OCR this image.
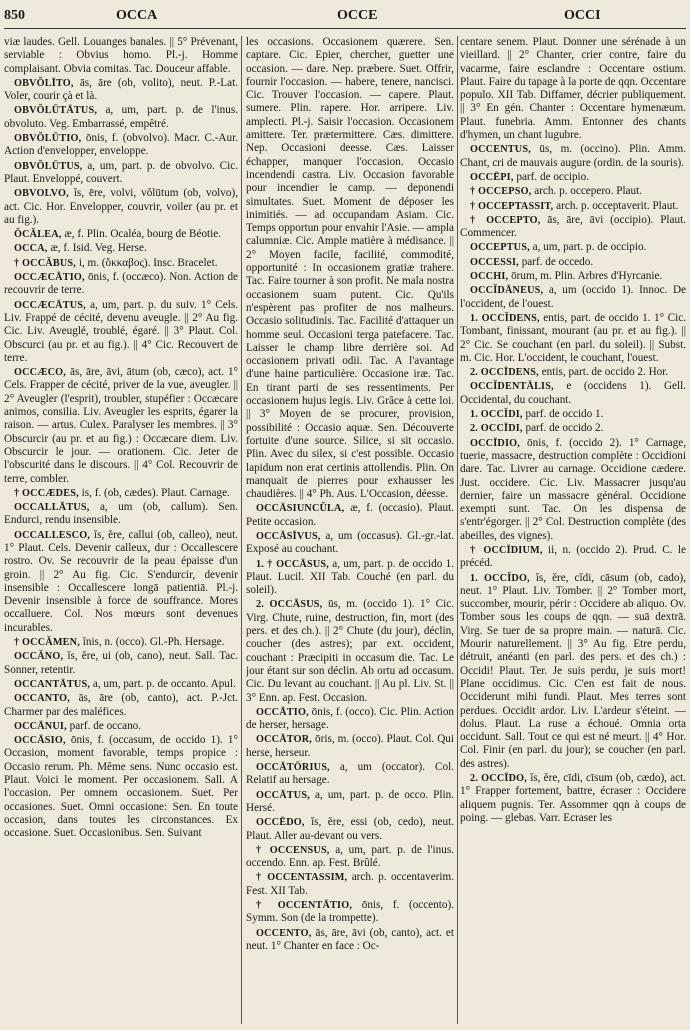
850	OCCA	OCCE	OCCI

viæ laudes. Gell. Louanges banales. || 5° Prévenant, serviable : Obvius homo. Pl.-j. Homme complaisant. Obvia comitas. Tac. Douceur affable.

OBVŎLĪTO, ās, āre (ob, volito), neut. P.-Lat. Voler, courir çà et là.

OBVŎLŪTĀTUS, a, um, part. p. de l'inus. obvoluto. Veg. Embarrassé, empêtré.

OBVŎLŪTIO, ōnis, f. (obvolvo). Macr. C.-Aur. Action d'envelopper, enveloppe.

OBVŎLŪTUS, a, um, part. p. de obvolvo. Cic. Plaut. Enveloppé, couvert.

OBVOLVO, ĭs, ēre, volvi, vŏlūtum (ob, volvo), act. Cic. Hor. Envelopper, couvrir, voiler (au pr. et au fig.).

ŎCĂLEA, æ, f. Plin. Ocaléa, bourg de Béotie.

OCCA, æ, f. Isid. Veg. Herse.

† OCCĂBUS, i, m. (ὄκκαβος). Insc. Bracelet.

OCCÆCĀTIO, ōnis, f. (occæco). Non. Action de recouvrir de terre.

OCCÆCĀTUS, a, um, part. p. du suiv. 1° Cels. Liv. Frappé de cécité, devenu aveugle. || 2° Au fig. Cic. Liv. Aveuglé, troublé, égaré. || 3° Plaut. Col. Obscurci (au pr. et au fig.). || 4° Cic. Recouvert de terre.

OCCÆCO, ās, āre, āvi, ātum (ob, cæco), act. 1° Cels. Frapper de cécité, priver de la vue, aveugler. || 2° Aveugler (l'esprit), troubler, stupéfier : Occæcare animos, consilia. Liv. Aveugler les esprits, égarer la raison. — artus. Culex. Paralyser les membres. || 3° Obscurcir (au pr. et au fig.) : Occæcare diem. Liv. Obscurcir le jour. — orationem. Cic. Jeter de l'obscurité dans le discours. || 4° Col. Recouvrir de terre, combler.

† OCCÆDES, is, f. (ob, cædes). Plaut. Carnage.

OCCALLĀTUS, a, um (ob, callum). Sen. Endurci, rendu insensible.

OCCALLESCO, ĭs, ĕre, callui (ob, calleo), neut. 1° Plaut. Cels. Devenir calleux, dur : Occallescere rostro. Ov. Se recouvrir de la peau épaisse d'un groin. || 2° Au fig. Cic. S'endurcir, devenir insensible : Occallescere longā patientiā. Pl.-j. Devenir insensible à force de souffrance. Mores occalluere. Col. Nos mœurs sont devenues incurables.

† OCCĂMEN, ĭnis, n. (occo). Gl.-Ph. Hersage.

OCCĂNO, ĭs, ĕre, ui (ob, cano), neut. Sall. Tac. Sonner, retentir.

OCCANTĀTUS, a, um, part. p. de occanto. Apul.

OCCANTO, ās, āre (ob, canto), act. P.-Jct. Charmer par des maléfices.

OCCĀNUI, parf. de occano.

OCCĀSIO, ōnis, f. (occasum, de occido 1). 1° Occasion, moment favorable, temps propice : Occasio rerum. Ph. Même sens. Nunc occasio est. Plaut. Voici le moment. Per occasionem. Sall. A l'occasion. Per omnem occasionem. Suet. Per occasiones. Suet. Omni occasione: Sen. En toute occasion, dans toutes les circonstances. Ex occasione. Suet. Occasionibus. Sen. Suivant

les occasions. Occasionem quærere. Sen. captare. Cic. Epier, chercher, guetter une occasion. — dare. Nep. præbere. Suet. Offrir, fournir l'occasion. — habere, tenere, nancisci. Cic. Trouver l'occasion. — capere. Plaut. sumere. Plin. rapere. Hor. arripere. Liv. amplecti. Pl.-j. Saisir l'occasion. Occasionem amittere. Ter. prætermittere. Cæs. dimittere. Nep. Occasioni deesse. Cæs. Laisser échapper, manquer l'occasion. Occasio incendendi castra. Liv. Occasion favorable pour incendier le camp. — deponendi simultates. Suet. Moment de déposer les inimitiés. — ad occupandam Asiam. Cic. Temps opportun pour envahir l'Asie. — ampla calumniæ. Cic. Ample matière à médisance. || 2° Moyen facile, facilité, commodité, opportunité : In occasionem gratiæ trahere. Tac. Faire tourner à son profit. Ne mala nostra occasionem suam putent. Cic. Qu'ils n'espèrent pas profiter de nos malheurs. Occasio solitudinis. Tac. Facilité d'attaquer un homme seul. Occasioni terga patefacere. Tac. Laisser le champ libre derrière soi. Ad occasionem privati odii. Tac. A l'avantage d'une haine particulière. Occasione iræ. Tac. En tirant parti de ses ressentiments. Per occasionem hujus legis. Liv. Grâce à cette loi. || 3° Moyen de se procurer, provision, possibilité : Occasio aquæ. Sen. Découverte fortuite d'une source. Silice, si sit occasio. Plin. Avec du silex, si c'est possible. Occasio lapidum non erat certinis attollendis. Plin. On manquait de pierres pour exhausser les chaudières. || 4° Ph. Aus. L'Occasion, déesse.

OCCĀSIUNCŬLA, æ, f. (occasio). Plaut. Petite occasion.

OCCĀSĪVUS, a, um (occasus). Gl.-gr.-lat. Exposé au couchant.

1. † OCCĀSUS, a, um, part. p. de occido 1. Plaut. Lucil. XII Tab. Couché (en parl. du soleil).

2. OCCĀSUS, ūs, m. (occido 1). 1° Cic. Virg. Chute, ruine, destruction, fin, mort (des pers. et des ch.). || 2° Chute (du jour), déclin, coucher (des astres); par ext. occident, couchant : Præcipiti in occasum die. Tac. Le jour étant sur son déclin. Ab ortu ad occasum. Cic. Du levant au couchant. || Au pl. Liv. St. || 3° Enn. ap. Fest. Occasion.

OCCĀTIO, ōnis, f. (occo). Cic. Plin. Action de herser, hersage.

OCCĀTOR, ōris, m. (occo). Plaut. Col. Qui herse, herseur.

OCCĀTŌRIUS, a, um (occator). Col. Relatif au hersage.

OCCĀTUS, a, um, part. p. de occo. Plin. Hersé.

OCCĒDO, ĭs, ĕre, essi (ob, cedo), neut. Plaut. Aller au-devant ou vers.

† OCCENSUS, a, um, part. p. de l'inus. occendo. Enn. ap. Fest. Brûlé.

† OCCENTASSIM, arch. p. occentaverim. Fest. XII Tab.

† OCCENTĀTIO, ōnis, f. (occento). Symm. Son (de la trompette).

OCCENTO, ās, āre, āvi (ob, canto), act. et neut. 1° Chanter en face : Oc-

centare senem. Plaut. Donner une sérénade à un vieillard. || 2° Chanter, crier contre, faire du vacarme, faire esclandre : Occentare ostium. Plaut. Faire du tapage à la porte de qqn. Occentare populo. XII Tab. Diffamer, décrier publiquement. || 3° En gén. Chanter : Occentare hymenæum. Plaut. funebria. Amm. Entonner des chants d'hymen, un chant lugubre.

OCCENTUS, ūs, m. (occino). Plin. Amm. Chant, cri de mauvais augure (ordin. de la souris).

OCCĒPI, parf. de occipio.

† OCCEPSO, arch. p. occepero. Plaut.

† OCCEPTASSIT, arch. p. occeptaverit. Plaut.

† OCCEPTO, ās, āre, āvi (occipio). Plaut. Commencer.

OCCEPTUS, a, um, part. p. de occipio.

OCCESSI, parf. de occedo.

OCCHI, ōrum, m. Plin. Arbres d'Hyrcanie.

OCCĬDĀNEUS, a, um (occido 1). Innoc. De l'occident, de l'ouest.

1. OCCĬDENS, entis, part. de occido 1. 1° Cic. Tombant, finissant, mourant (au pr. et au fig.). || 2° Cic. Se couchant (en parl. du soleil). || Subst. m. Cic. Hor. L'occident, le couchant, l'ouest.

2. OCCĪDENS, entis, part. de occido 2. Hor.

OCCĬDENTĀLIS, e (occidens 1). Gell. Occidental, du couchant.

1. OCCĬDI, parf. de occido 1.

2. OCCĪDI, parf. de occido 2.

OCCĪDIO, ōnis, f. (occido 2). 1° Carnage, tuerie, massacre, destruction complète : Occidioni dare. Tac. Livrer au carnage. Occidione cædere. Just. occidere. Cic. Liv. Massacrer jusqu'au dernier, faire un massacre général. Occidione exempti sunt. Tac. On les dispensa de s'entr'égorger. || 2° Col. Destruction complète (des abeilles, des vignes).

† OCCĪDIUM, ii, n. (occido 2). Prud. C. le précéd.

1. OCCĬDO, ĭs, ĕre, cĭdi, cāsum (ob, cado), neut. 1° Plaut. Liv. Tomber. || 2° Tomber mort, succomber, mourir, périr : Occidere ab aliquo. Ov. Tomber sous les coups de qqn. — suā dextrā. Virg. Se tuer de sa propre main. — naturā. Cic. Mourir naturellement. || 3° Au fig. Etre perdu, détruit, anéanti (en parl. des pers. et des ch.) : Occidi! Plaut. Ter. Je suis perdu, je suis mort! Plane occidimus. Cic. C'en est fait de nous. Occiderunt mihi fundi. Plaut. Mes terres sont perdues. Occidit ardor. Liv. L'ardeur s'éteint. — dolus. Plaut. La ruse a échoué. Omnia orta occidunt. Sall. Tout ce qui est né meurt. || 4° Hor. Col. Finir (en parl. du jour); se coucher (en parl. des astres).

2. OCCĪDO, ĭs, ĕre, cīdi, cīsum (ob, cædo), act. 1° Frapper fortement, battre, écraser : Occidere aliquem pugnis. Ter. Assommer qqn à coups de poing. — glebas. Varr. Ecraser les
